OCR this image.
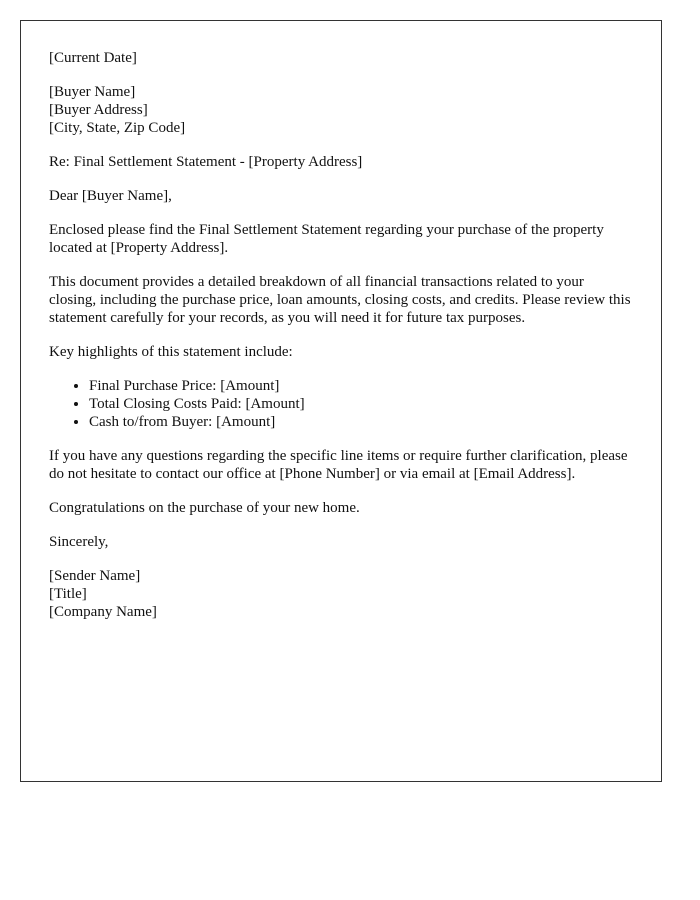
[Current Date]

[Buyer Name]
[Buyer Address]
[City, State, Zip Code]

Re: Final Settlement Statement - [Property Address]

Dear [Buyer Name],

Enclosed please find the Final Settlement Statement regarding your purchase of the property located at [Property Address].

This document provides a detailed breakdown of all financial transactions related to your closing, including the purchase price, loan amounts, closing costs, and credits. Please review this statement carefully for your records, as you will need it for future tax purposes.

Key highlights of this statement include:

• Final Purchase Price: [Amount]
• Total Closing Costs Paid: [Amount]
• Cash to/from Buyer: [Amount]

If you have any questions regarding the specific line items or require further clarification, please do not hesitate to contact our office at [Phone Number] or via email at [Email Address].

Congratulations on the purchase of your new home.

Sincerely,

[Sender Name]
[Title]
[Company Name]
